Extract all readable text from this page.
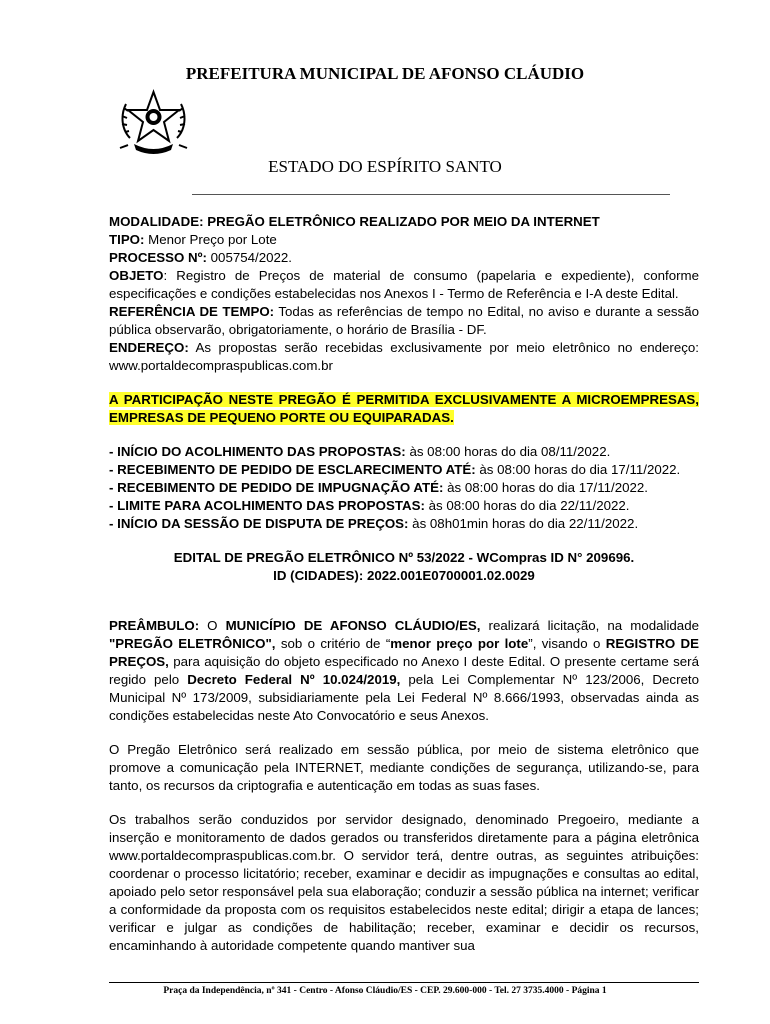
PREFEITURA MUNICIPAL DE AFONSO CLÁUDIO
ESTADO DO ESPÍRITO SANTO

MODALIDADE: PREGÃO ELETRÔNICO REALIZADO POR MEIO DA INTERNET

TIPO: Menor Preço por Lote

PROCESSO Nº: 005754/2022.

OBJETO: Registro de Preços de material de consumo (papelaria e expediente), conforme especificações e condições estabelecidas nos Anexos I - Termo de Referência e I-A deste Edital.

REFERÊNCIA DE TEMPO: Todas as referências de tempo no Edital, no aviso e durante a sessão pública observarão, obrigatoriamente, o horário de Brasília - DF.

ENDEREÇO: As propostas serão recebidas exclusivamente por meio eletrônico no endereço: www.portaldecompraspublicas.com.br

A PARTICIPAÇÃO NESTE PREGÃO É PERMITIDA EXCLUSIVAMENTE A MICROEMPRESAS, EMPRESAS DE PEQUENO PORTE OU EQUIPARADAS.

- INÍCIO DO ACOLHIMENTO DAS PROPOSTAS: às 08:00 horas do dia 08/11/2022.

- RECEBIMENTO DE PEDIDO DE ESCLARECIMENTO ATÉ: às 08:00 horas do dia 17/11/2022.

- RECEBIMENTO DE PEDIDO DE IMPUGNAÇÃO ATÉ: às 08:00 horas do dia 17/11/2022.

- LIMITE PARA ACOLHIMENTO DAS PROPOSTAS: às 08:00 horas do dia 22/11/2022.

- INÍCIO DA SESSÃO DE DISPUTA DE PREÇOS: às 08h01min horas do dia 22/11/2022.

EDITAL DE PREGÃO ELETRÔNICO Nº 53/2022 - WCompras ID N° 209696.

ID (CIDADES): 2022.001E0700001.02.0029

PREÂMBULO: O MUNICÍPIO DE AFONSO CLÁUDIO/ES, realizará licitação, na modalidade "PREGÃO ELETRÔNICO", sob o critério de “menor preço por lote”, visando o REGISTRO DE PREÇOS, para aquisição do objeto especificado no Anexo I deste Edital. O presente certame será regido pelo Decreto Federal Nº 10.024/2019, pela Lei Complementar Nº 123/2006, Decreto Municipal Nº 173/2009, subsidiariamente pela Lei Federal Nº 8.666/1993, observadas ainda as condições estabelecidas neste Ato Convocatório e seus Anexos.

O Pregão Eletrônico será realizado em sessão pública, por meio de sistema eletrônico que promove a comunicação pela INTERNET, mediante condições de segurança, utilizando-se, para tanto, os recursos da criptografia e autenticação em todas as suas fases.

Os trabalhos serão conduzidos por servidor designado, denominado Pregoeiro, mediante a inserção e monitoramento de dados gerados ou transferidos diretamente para a página eletrônica www.portaldecompraspublicas.com.br. O servidor terá, dentre outras, as seguintes atribuições: coordenar o processo licitatório; receber, examinar e decidir as impugnações e consultas ao edital, apoiado pelo setor responsável pela sua elaboração; conduzir a sessão pública na internet; verificar a conformidade da proposta com os requisitos estabelecidos neste edital; dirigir a etapa de lances; verificar e julgar as condições de habilitação; receber, examinar e decidir os recursos, encaminhando à autoridade competente quando mantiver sua

Praça da Independência, nº 341 - Centro - Afonso Cláudio/ES - CEP. 29.600-000 - Tel. 27 3735.4000 - Página 1
